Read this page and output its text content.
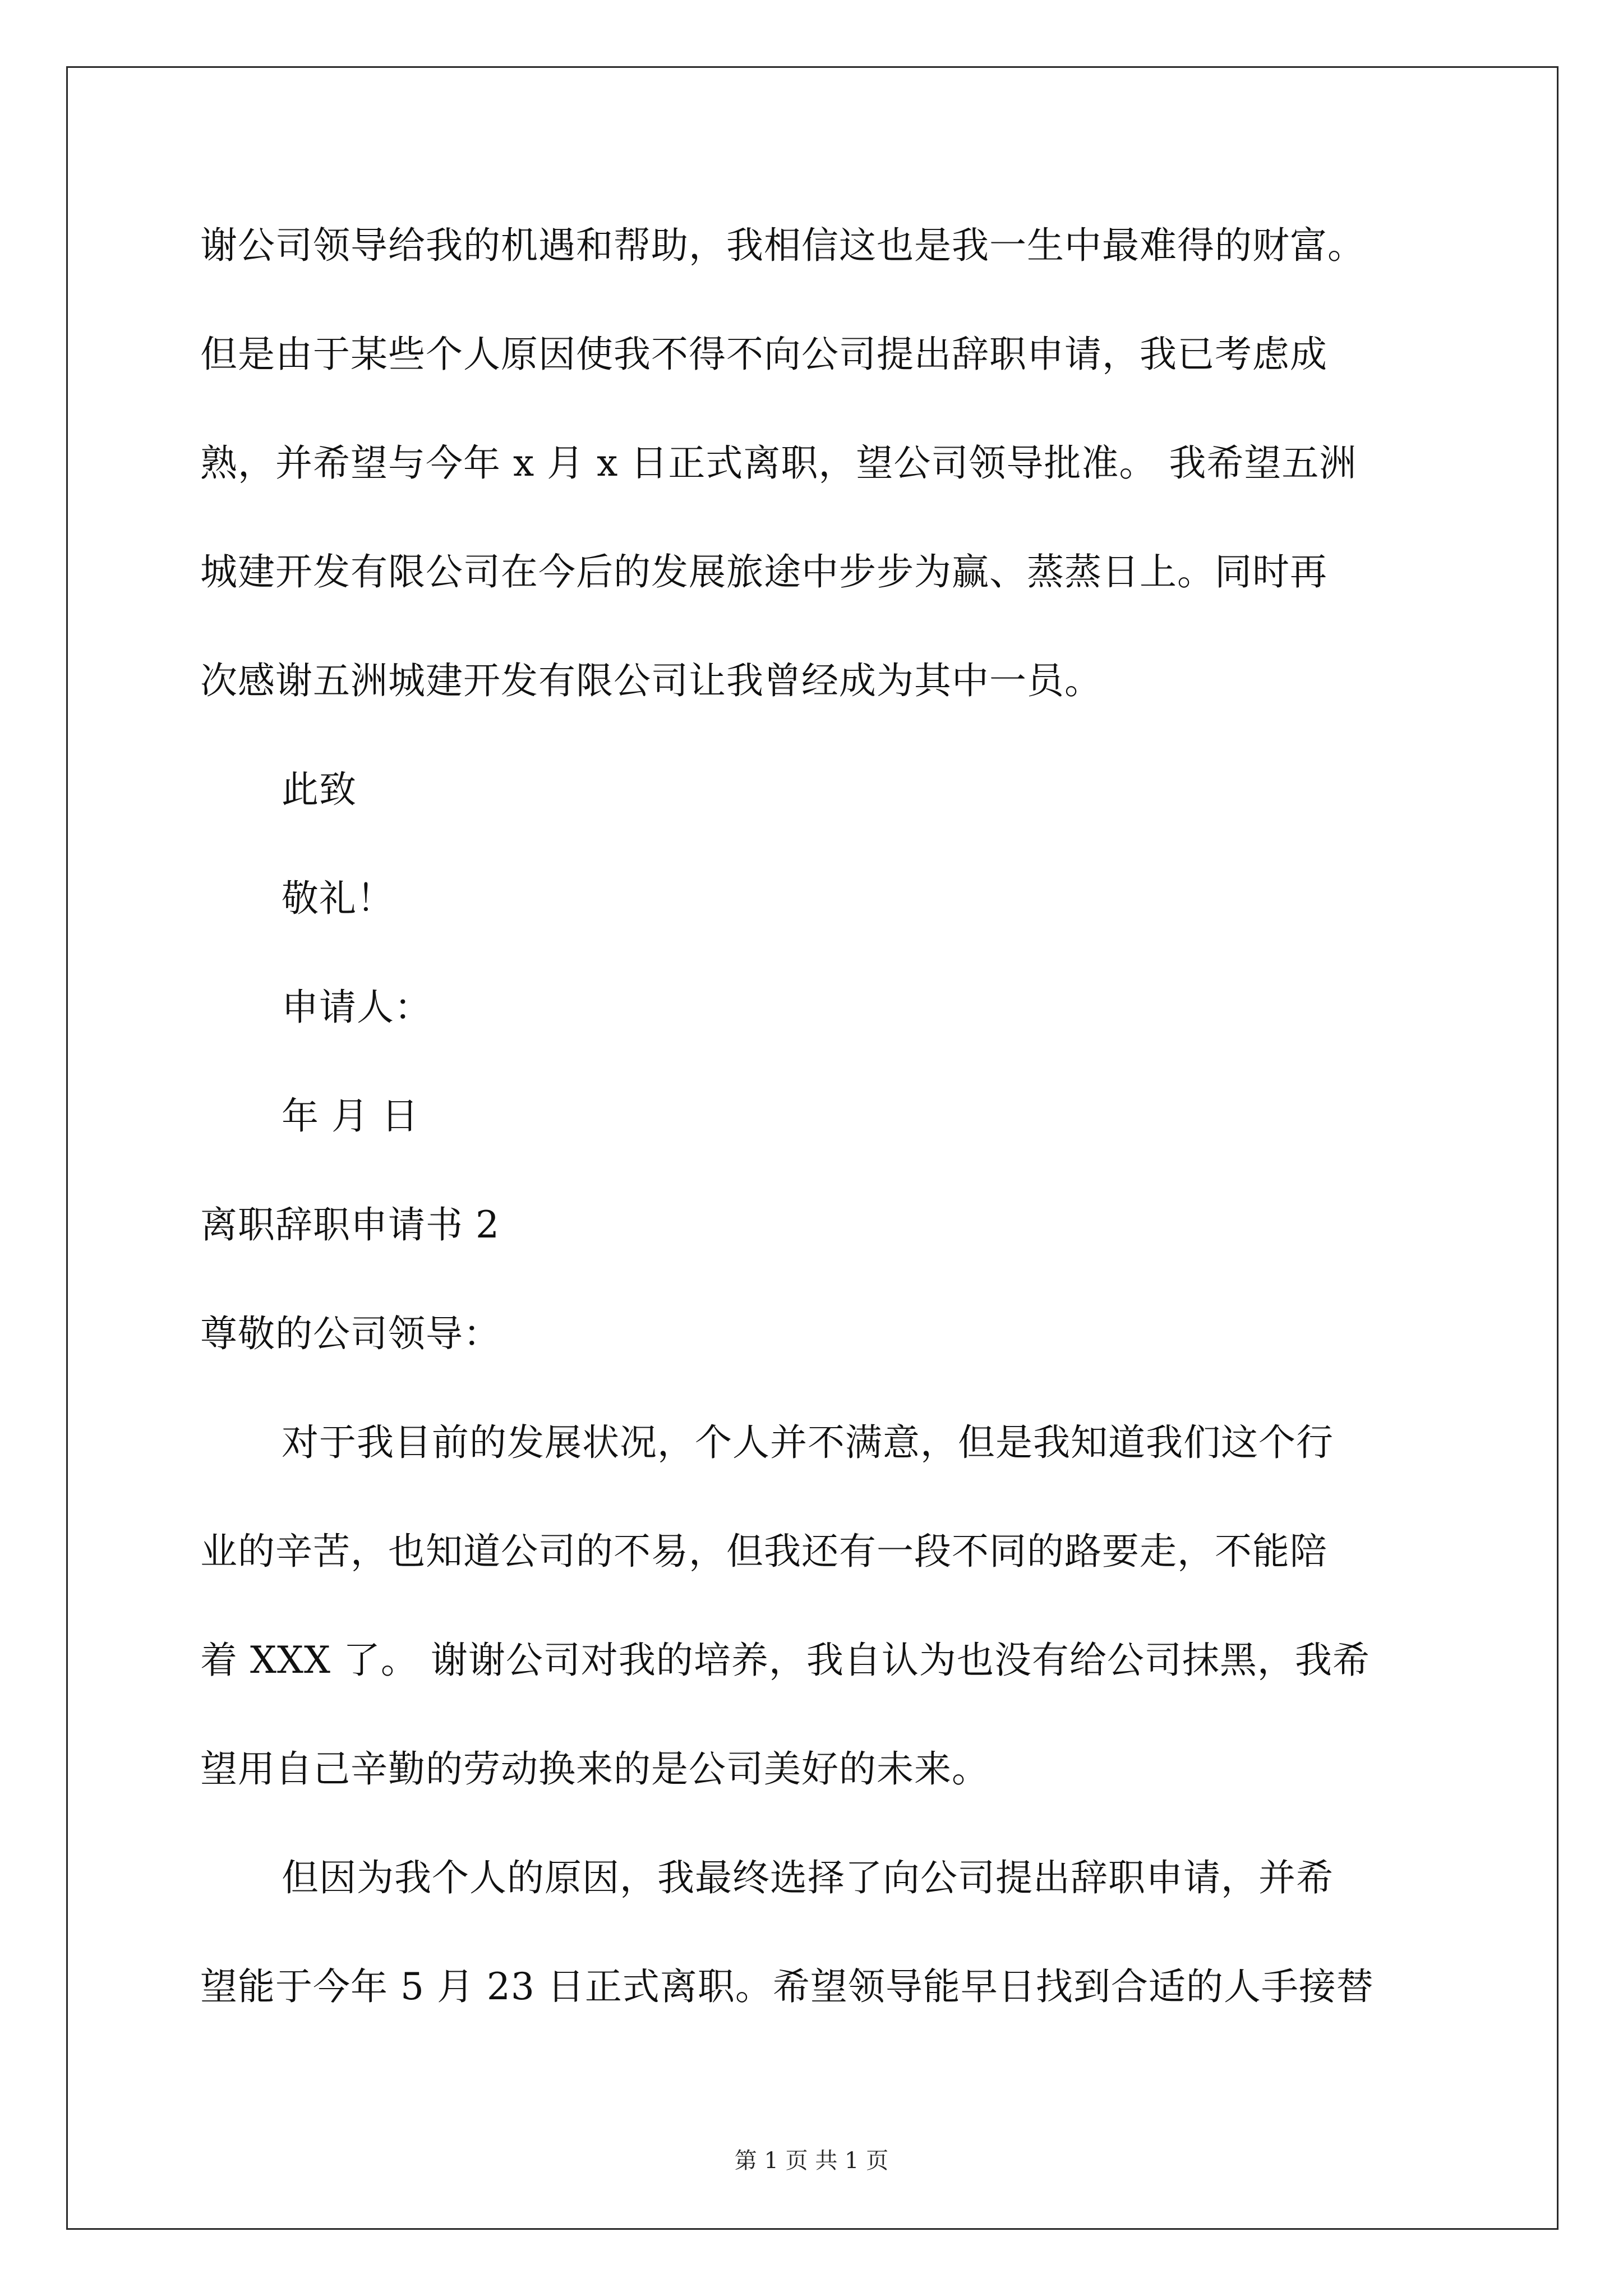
谢公司领导给我的机遇和帮助，我相信这也是我一生中最难得的财富。
但是由于某些个人原因使我不得不向公司提出辞职申请，我已考虑成
熟，并希望与今年 x 月 x 日正式离职，望公司领导批准。 我希望五洲
城建开发有限公司在今后的发展旅途中步步为赢、蒸蒸日上。同时再
次感谢五洲城建开发有限公司让我曾经成为其中一员。
此致
敬礼！
申请人：
年 月 日
离职辞职申请书 2
尊敬的公司领导：
对于我目前的发展状况，个人并不满意，但是我知道我们这个行
业的辛苦，也知道公司的不易，但我还有一段不同的路要走，不能陪
着 XXX 了。 谢谢公司对我的培养，我自认为也没有给公司抹黑，我希
望用自己辛勤的劳动换来的是公司美好的未来。
但因为我个人的原因，我最终选择了向公司提出辞职申请，并希
望能于今年 5 月 23 日正式离职。希望领导能早日找到合适的人手接替
第 1 页 共 1 页
